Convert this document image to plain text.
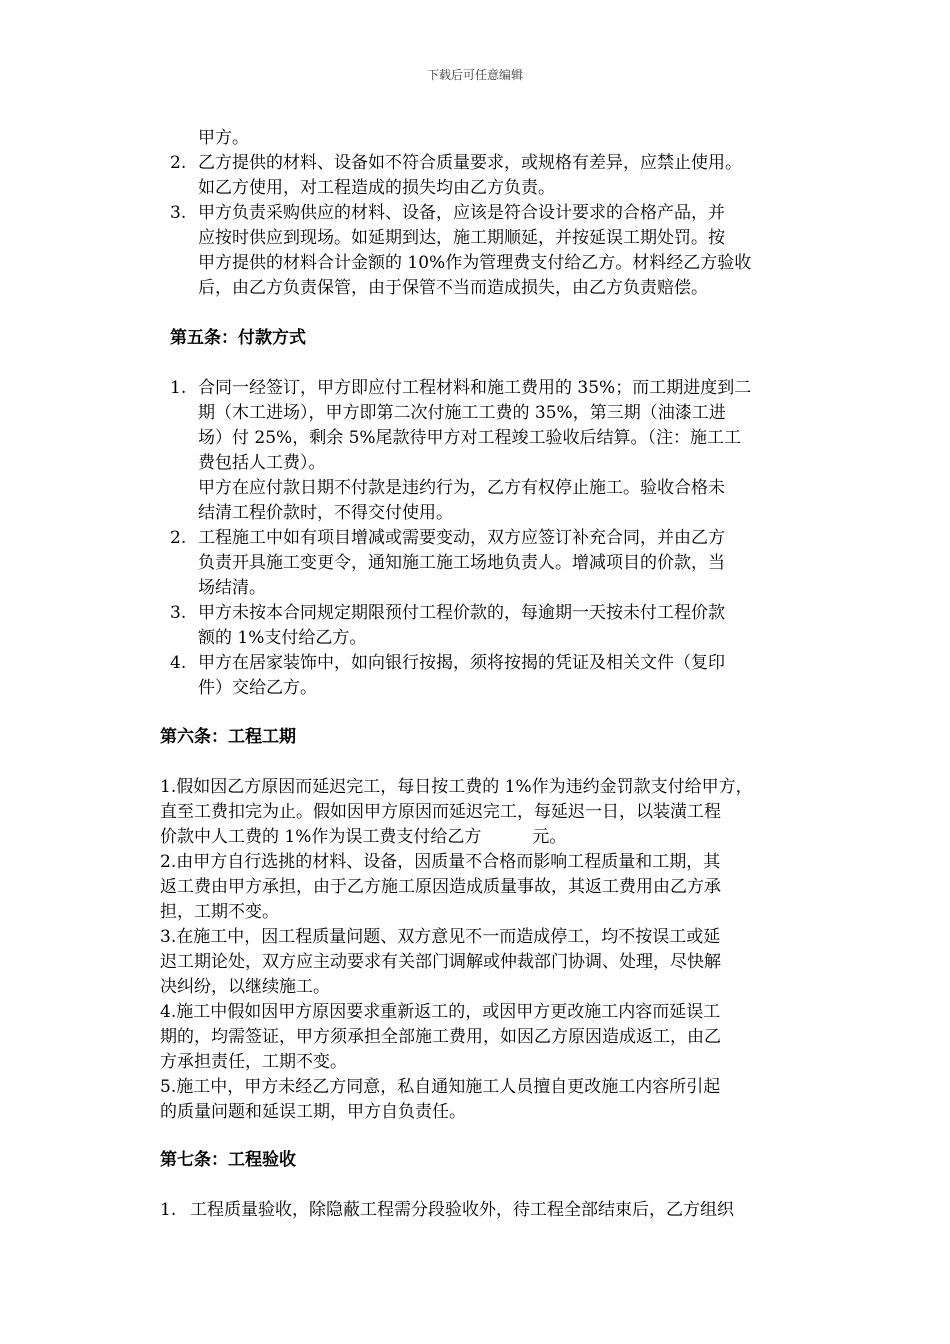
下载后可任意编辑
甲方。
2. 乙方提供的材料、设备如不符合质量要求，或规格有差异，应禁止使用。
如乙方使用，对工程造成的损失均由乙方负责。
3. 甲方负责采购供应的材料、设备，应该是符合设计要求的合格产品，并
应按时供应到现场。如延期到达，施工期顺延，并按延误工期处罚。按
甲方提供的材料合计金额的 10%作为管理费支付给乙方。材料经乙方验收
后，由乙方负责保管，由于保管不当而造成损失，由乙方负责赔偿。
第五条：付款方式
1. 合同一经签订，甲方即应付工程材料和施工费用的 35%；而工期进度到二
期（木工进场），甲方即第二次付施工工费的 35%，第三期（油漆工进
场）付 25%，剩余 5%尾款待甲方对工程竣工验收后结算。（注：施工工
费包括人工费）。
甲方在应付款日期不付款是违约行为，乙方有权停止施工。验收合格未
结清工程价款时，不得交付使用。
2. 工程施工中如有项目增减或需要变动，双方应签订补充合同，并由乙方
负责开具施工变更令，通知施工施工场地负责人。增减项目的价款，当
场结清。
3. 甲方未按本合同规定期限预付工程价款的，每逾期一天按未付工程价款
额的 1%支付给乙方。
4. 甲方在居家装饰中，如向银行按揭，须将按揭的凭证及相关文件（复印
件）交给乙方。
第六条：工程工期
1.假如因乙方原因而延迟完工，每日按工费的 1%作为违约金罚款支付给甲方，
直至工费扣完为止。假如因甲方原因而延迟完工，每延迟一日，以装潢工程
价款中人工费的 1%作为误工费支付给乙方　　　元。
2.由甲方自行选挑的材料、设备，因质量不合格而影响工程质量和工期，其
返工费由甲方承担，由于乙方施工原因造成质量事故，其返工费用由乙方承
担，工期不变。
3.在施工中，因工程质量问题、双方意见不一而造成停工，均不按误工或延
迟工期论处，双方应主动要求有关部门调解或仲裁部门协调、处理，尽快解
决纠纷，以继续施工。
4.施工中假如因甲方原因要求重新返工的，或因甲方更改施工内容而延误工
期的，均需签证，甲方须承担全部施工费用，如因乙方原因造成返工，由乙
方承担责任，工期不变。
5.施工中，甲方未经乙方同意，私自通知施工人员擅自更改施工内容所引起
的质量问题和延误工期，甲方自负责任。
第七条：工程验收
1. 工程质量验收，除隐蔽工程需分段验收外，待工程全部结束后，乙方组织
